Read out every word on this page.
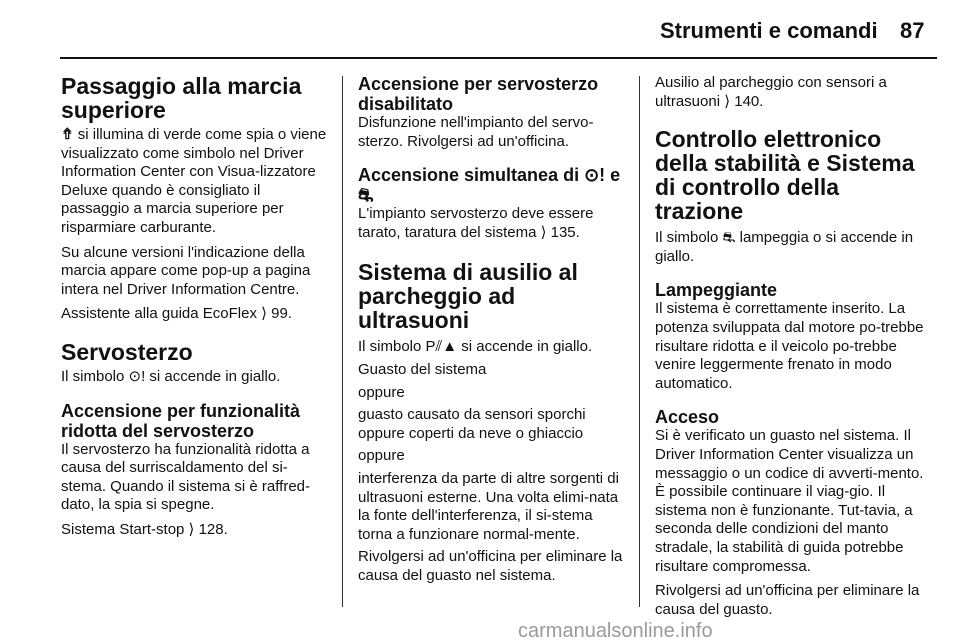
Strumenti e comandi 87
Passaggio alla marcia superiore

⇮ si illumina di verde come spia o viene visualizzato come simbolo nel Driver Information Center con Visua-lizzatore Deluxe quando è consigliato il passaggio a marcia superiore per risparmiare carburante.

Su alcune versioni l'indicazione della marcia appare come pop-up a pagina intera nel Driver Information Centre.

Assistente alla guida EcoFlex ⟩ 99.

Servosterzo

Il simbolo ⊙! si accende in giallo.

Accensione per funzionalità ridotta del servosterzo

Il servosterzo ha funzionalità ridotta a causa del surriscaldamento del si-stema. Quando il sistema si è raffred-dato, la spia si spegne.

Sistema Start-stop ⟩ 128.

Accensione per servosterzo disabilitato

Disfunzione nell'impianto del servo-sterzo. Rivolgersi ad un'officina.

Accensione simultanea di ⊙! e ⛐

L'impianto servosterzo deve essere tarato, taratura del sistema ⟩ 135.

Sistema di ausilio al parcheggio ad ultrasuoni

Il simbolo P⫽▲ si accende in giallo.

Guasto del sistema

oppure

guasto causato da sensori sporchi oppure coperti da neve o ghiaccio

oppure

interferenza da parte di altre sorgenti di ultrasuoni esterne. Una volta elimi-nata la fonte dell'interferenza, il si-stema torna a funzionare normal-mente.

Rivolgersi ad un'officina per eliminare la causa del guasto nel sistema.

Ausilio al parcheggio con sensori a ultrasuoni ⟩ 140.

Controllo elettronico della stabilità e Sistema di controllo della trazione

Il simbolo ⛐ lampeggia o si accende in giallo.

Lampeggiante

Il sistema è correttamente inserito. La potenza sviluppata dal motore po-trebbe risultare ridotta e il veicolo po-trebbe venire leggermente frenato in modo automatico.

Acceso

Si è verificato un guasto nel sistema. Il Driver Information Center visualizza un messaggio o un codice di avverti-mento. È possibile continuare il viag-gio. Il sistema non è funzionante. Tut-tavia, a seconda delle condizioni del manto stradale, la stabilità di guida potrebbe risultare compromessa.

Rivolgersi ad un'officina per eliminare la causa del guasto.

carmanualsonline.info
